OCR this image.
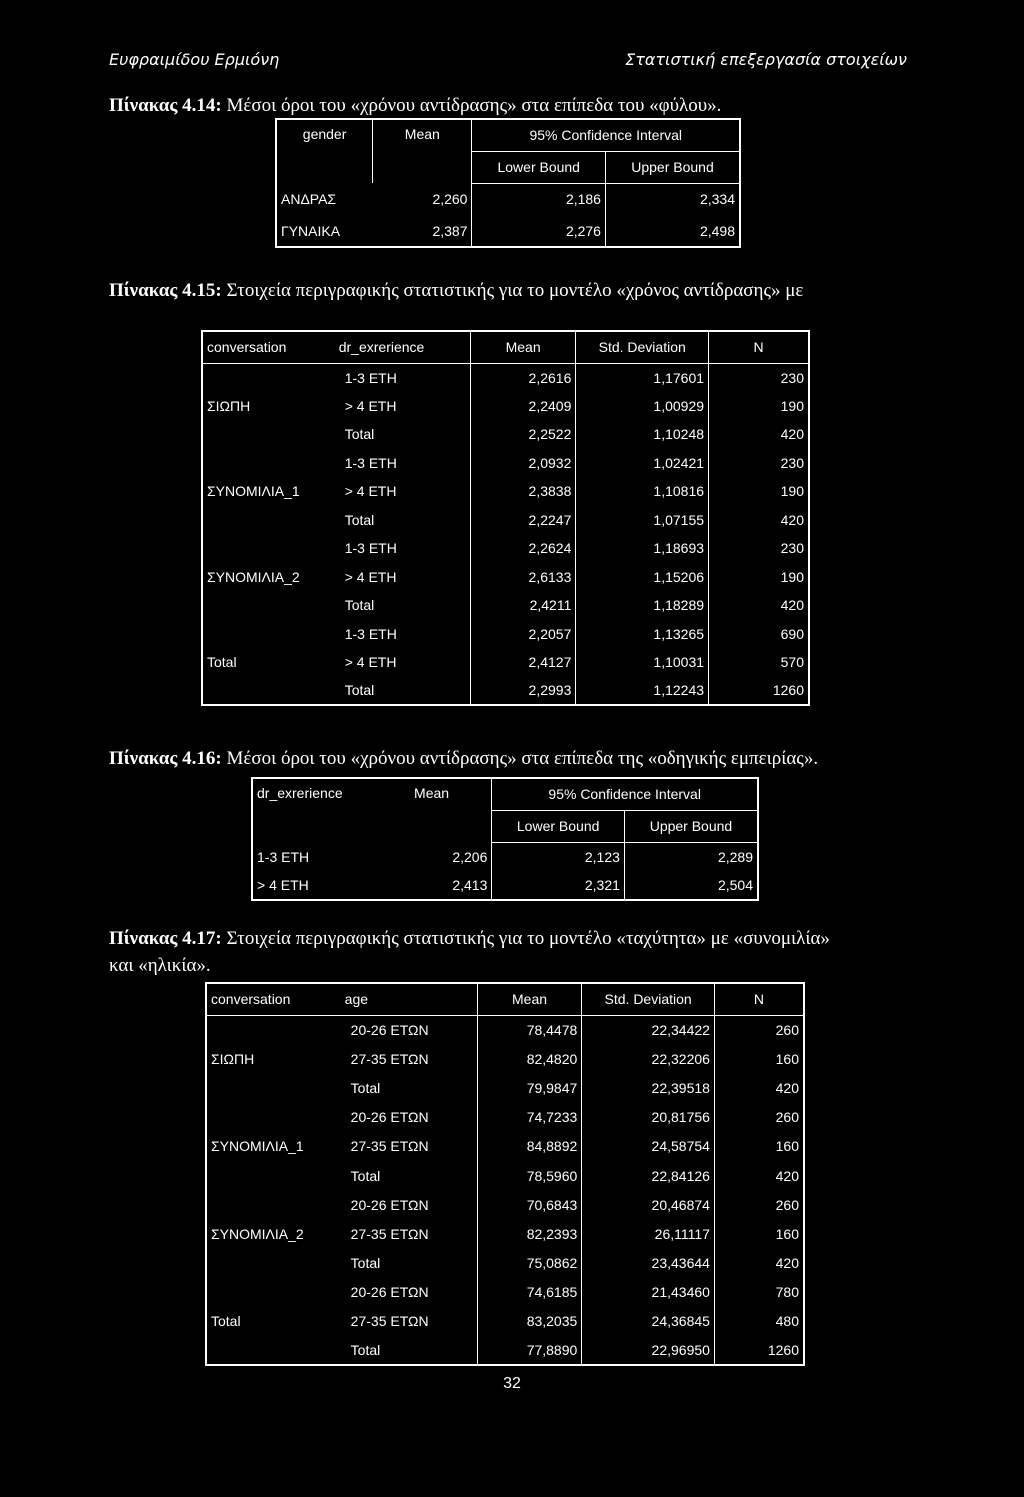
Ευφραιμίδου Ερμιόνη	Στατιστική επεξεργασία στοιχείων
Πίνακας 4.14: Μέσοι όροι του «χρόνου αντίδρασης» στα επίπεδα του «φύλου».
gender	Mean	95% Confidence Interval	
		Lower Bound	Upper Bound
ΑΝΔΡΑΣ	2,260	2,186	2,334
ΓΥΝΑΙΚΑ	2,387	2,276	2,498
Πίνακας 4.15: Στοιχεία περιγραφικής στατιστικής για το μοντέλο «χρόνος αντίδρασης» με
conversation	dr_exrerience	Mean	Std. Deviation	N
ΣΙΩΠΗ	1-3 ΕΤΗ	2,2616	1,17601	230
	> 4 ΕΤΗ	2,2409	1,00929	190
	Total	2,2522	1,10248	420
ΣΥΝΟΜΙΛΙΑ_1	1-3 ΕΤΗ	2,0932	1,02421	230
	> 4 ΕΤΗ	2,3838	1,10816	190
	Total	2,2247	1,07155	420
ΣΥΝΟΜΙΛΙΑ_2	1-3 ΕΤΗ	2,2624	1,18693	230
	> 4 ΕΤΗ	2,6133	1,15206	190
	Total	2,4211	1,18289	420
Total	1-3 ΕΤΗ	2,2057	1,13265	690
	> 4 ΕΤΗ	2,4127	1,10031	570
	Total	2,2993	1,12243	1260
Πίνακας 4.16: Μέσοι όροι του «χρόνου αντίδρασης» στα επίπεδα της «οδηγικής εμπειρίας».
dr_exrerience	Mean	95% Confidence Interval	
		Lower Bound	Upper Bound
1-3 ΕΤΗ	2,206	2,123	2,289
> 4 ΕΤΗ	2,413	2,321	2,504
Πίνακας 4.17: Στοιχεία περιγραφικής στατιστικής για το μοντέλο «ταχύτητα» με «συνομιλία»
και «ηλικία».
conversation	age	Mean	Std. Deviation	N
ΣΙΩΠΗ	20-26 ΕΤΩΝ	78,4478	22,34422	260
	27-35 ΕΤΩΝ	82,4820	22,32206	160
	Total	79,9847	22,39518	420
ΣΥΝΟΜΙΛΙΑ_1	20-26 ΕΤΩΝ	74,7233	20,81756	260
	27-35 ΕΤΩΝ	84,8892	24,58754	160
	Total	78,5960	22,84126	420
ΣΥΝΟΜΙΛΙΑ_2	20-26 ΕΤΩΝ	70,6843	20,46874	260
	27-35 ΕΤΩΝ	82,2393	26,11117	160
	Total	75,0862	23,43644	420
Total	20-26 ΕΤΩΝ	74,6185	21,43460	780
	27-35 ΕΤΩΝ	83,2035	24,36845	480
	Total	77,8890	22,96950	1260
32
